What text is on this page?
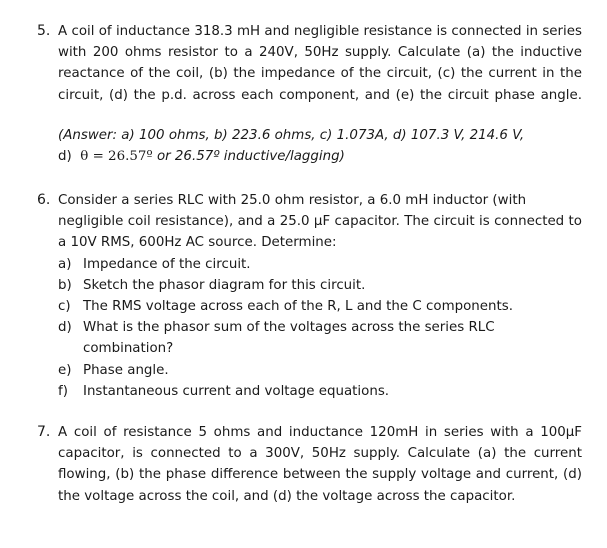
5. A coil of inductance 318.3 mH and negligible resistance is connected in series
with 200 ohms resistor to a 240V, 50Hz supply. Calculate (a) the inductive
reactance of the coil, (b) the impedance of the circuit, (c) the current in the
circuit, (d) the p.d. across each component, and (e) the circuit phase angle.
(Answer: a) 100 ohms, b) 223.6 ohms, c) 1.073A, d) 107.3 V, 214.6 V,
d) θ = 26.57º or 26.57º inductive/lagging)
6. Consider a series RLC with 25.0 ohm resistor, a 6.0 mH inductor (with
negligible coil resistance), and a 25.0 μF capacitor. The circuit is connected to
a 10V RMS, 600Hz AC source. Determine:
a) Impedance of the circuit.
b) Sketch the phasor diagram for this circuit.
c) The RMS voltage across each of the R, L and the C components.
d) What is the phasor sum of the voltages across the series RLC
combination?
e) Phase angle.
f) Instantaneous current and voltage equations.
7. A coil of resistance 5 ohms and inductance 120mH in series with a 100μF
capacitor, is connected to a 300V, 50Hz supply. Calculate (a) the current
flowing, (b) the phase difference between the supply voltage and current, (d)
the voltage across the coil, and (d) the voltage across the capacitor.
